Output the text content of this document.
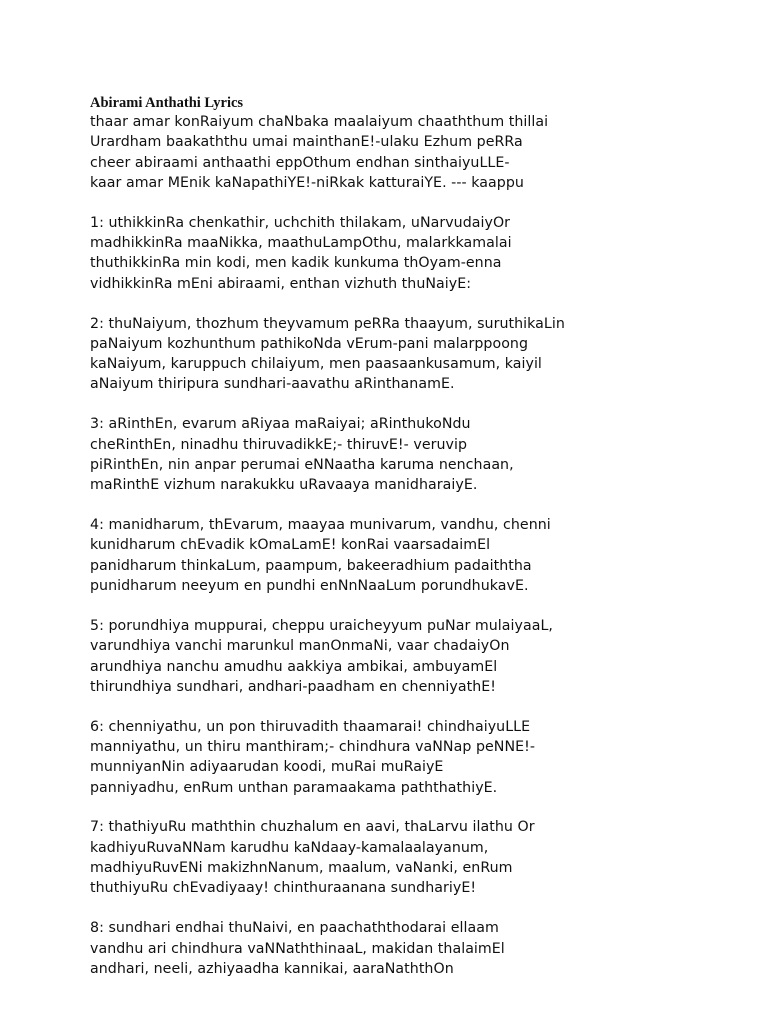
Abirami Anthathi Lyrics
thaar amar konRaiyum chaNbaka maalaiyum chaaththum thillai
Urardham baakaththu umai mainthanE!-ulaku Ezhum peRRa
cheer abiraami anthaathi eppOthum endhan sinthaiyuLLE-
kaar amar MEnik kaNapathiYE!-niRkak katturaiYE. --- kaappu
1: uthikkinRa chenkathir, uchchith thilakam, uNarvudaiyOr
madhikkinRa maaNikka, maathuLampOthu, malarkkamalai
thuthikkinRa min kodi, men kadik kunkuma thOyam-enna
vidhikkinRa mEni abiraami, enthan vizhuth thuNaiyE:
2: thuNaiyum, thozhum theyvamum peRRa thaayum, suruthikaLin
paNaiyum kozhunthum pathikoNda vErum-pani malarppoong
kaNaiyum, karuppuch chilaiyum, men paasaankusamum, kaiyil
aNaiyum thiripura sundhari-aavathu aRinthanamE.
3: aRinthEn, evarum aRiyaa maRaiyai; aRinthukoNdu
cheRinthEn, ninadhu thiruvadikkE;- thiruvE!- veruvip
piRinthEn, nin anpar perumai eNNaatha karuma nenchaan,
maRinthE vizhum narakukku uRavaaya manidharaiyE.
4: manidharum, thEvarum, maayaa munivarum, vandhu, chenni
kunidharum chEvadik kOmaLamE! konRai vaarsadaimEl
panidharum thinkaLum, paampum, bakeeradhium padaiththa
punidharum neeyum en pundhi enNnNaaLum porundhukavE.
5: porundhiya muppurai, cheppu uraicheyyum puNar mulaiyaaL,
varundhiya vanchi marunkul manOnmaNi, vaar chadaiyOn
arundhiya nanchu amudhu aakkiya ambikai, ambuyamEl
thirundhiya sundhari, andhari-paadham en chenniyathE!
6: chenniyathu, un pon thiruvadith thaamarai! chindhaiyuLLE
manniyathu, un thiru manthiram;- chindhura vaNNap peNNE!-
munniyanNin adiyaarudan koodi, muRai muRaiyE
panniyadhu, enRum unthan paramaakama paththathiyE.
7: thathiyuRu maththin chuzhalum en aavi, thaLarvu ilathu Or
kadhiyuRuvaNNam karudhu kaNdaay-kamalaalayanum,
madhiyuRuvENi makizhnNanum, maalum, vaNanki, enRum
thuthiyuRu chEvadiyaay! chinthuraanana sundhariyE!
8: sundhari endhai thuNaivi, en paachaththodarai ellaam
vandhu ari chindhura vaNNaththinaaL, makidan thalaimEl
andhari, neeli, azhiyaadha kannikai, aaraNaththOn
